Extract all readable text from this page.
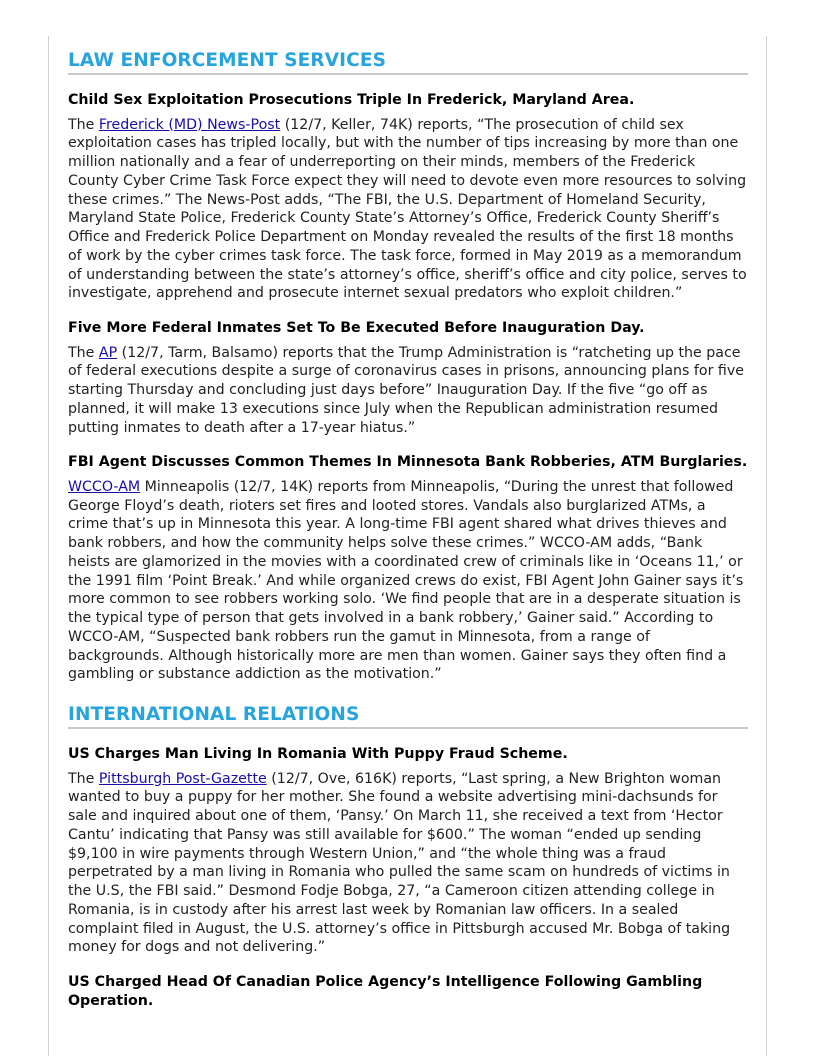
LAW ENFORCEMENT SERVICES
Child Sex Exploitation Prosecutions Triple In Frederick, Maryland Area.

The Frederick (MD) News-Post (12/7, Keller, 74K) reports, “The prosecution of child sex exploitation cases has tripled locally, but with the number of tips increasing by more than one million nationally and a fear of underreporting on their minds, members of the Frederick County Cyber Crime Task Force expect they will need to devote even more resources to solving these crimes.” The News-Post adds, “The FBI, the U.S. Department of Homeland Security, Maryland State Police, Frederick County State’s Attorney’s Office, Frederick County Sheriff’s Office and Frederick Police Department on Monday revealed the results of the first 18 months of work by the cyber crimes task force. The task force, formed in May 2019 as a memorandum of understanding between the state’s attorney’s office, sheriff’s office and city police, serves to investigate, apprehend and prosecute internet sexual predators who exploit children.”

Five More Federal Inmates Set To Be Executed Before Inauguration Day.

The AP (12/7, Tarm, Balsamo) reports that the Trump Administration is “ratcheting up the pace of federal executions despite a surge of coronavirus cases in prisons, announcing plans for five starting Thursday and concluding just days before” Inauguration Day. If the five “go off as planned, it will make 13 executions since July when the Republican administration resumed putting inmates to death after a 17-year hiatus.”

FBI Agent Discusses Common Themes In Minnesota Bank Robberies, ATM Burglaries.

WCCO-AM Minneapolis (12/7, 14K) reports from Minneapolis, “During the unrest that followed George Floyd’s death, rioters set fires and looted stores. Vandals also burglarized ATMs, a crime that’s up in Minnesota this year. A long-time FBI agent shared what drives thieves and bank robbers, and how the community helps solve these crimes.” WCCO-AM adds, “Bank heists are glamorized in the movies with a coordinated crew of criminals like in ‘Oceans 11,’ or the 1991 film ‘Point Break.’ And while organized crews do exist, FBI Agent John Gainer says it’s more common to see robbers working solo. ‘We find people that are in a desperate situation is the typical type of person that gets involved in a bank robbery,’ Gainer said.” According to WCCO-AM, “Suspected bank robbers run the gamut in Minnesota, from a range of backgrounds. Although historically more are men than women. Gainer says they often find a gambling or substance addiction as the motivation.”

INTERNATIONAL RELATIONS
US Charges Man Living In Romania With Puppy Fraud Scheme.

The Pittsburgh Post-Gazette (12/7, Ove, 616K) reports, “Last spring, a New Brighton woman wanted to buy a puppy for her mother. She found a website advertising mini-dachsunds for sale and inquired about one of them, ‘Pansy.’ On March 11, she received a text from ‘Hector Cantu’ indicating that Pansy was still available for $600.” The woman “ended up sending $9,100 in wire payments through Western Union,” and “the whole thing was a fraud perpetrated by a man living in Romania who pulled the same scam on hundreds of victims in the U.S, the FBI said.” Desmond Fodje Bobga, 27, “a Cameroon citizen attending college in Romania, is in custody after his arrest last week by Romanian law officers. In a sealed complaint filed in August, the U.S. attorney’s office in Pittsburgh accused Mr. Bobga of taking money for dogs and not delivering.”

US Charged Head Of Canadian Police Agency’s Intelligence Following Gambling Operation.
